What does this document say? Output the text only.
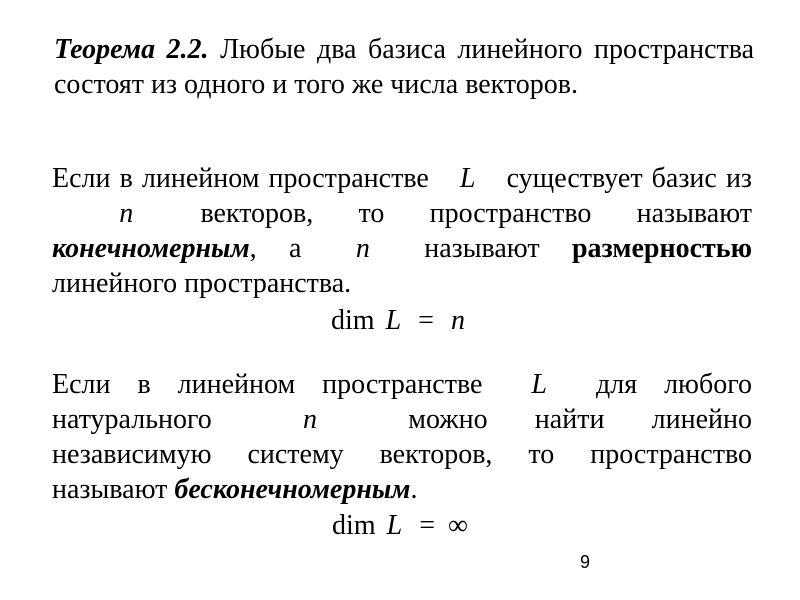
Теорема 2.2. Любые два базиса линейного пространства состоят из одного и того же числа векторов.
Если в линейном пространстве L существует базис из n векторов, то пространство называют конечномерным, а n называют размерностью линейного пространства.
dim L = n
Если в линейном пространстве L для любого натурального	n	можно найти линейно независимую систему векторов, то пространство называют бесконечномерным.
dim L = ∞
9
